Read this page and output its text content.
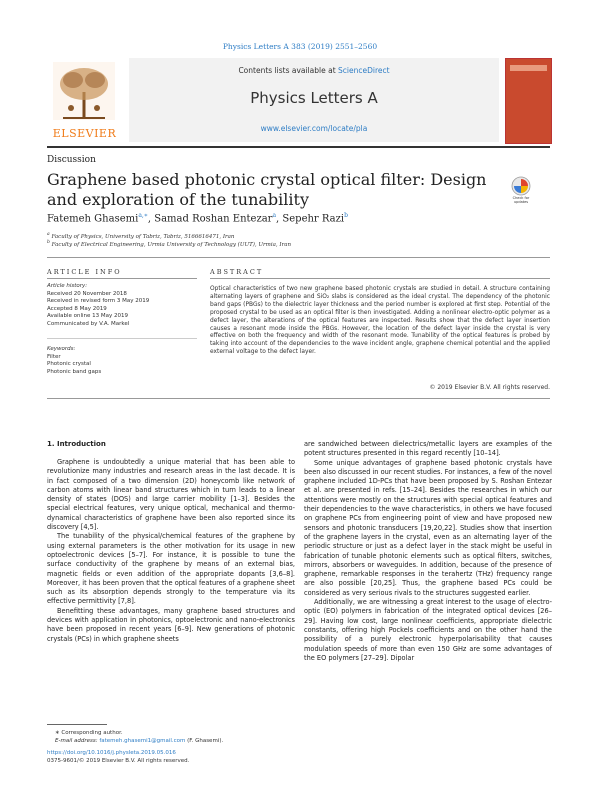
Physics Letters A 383 (2019) 2551–2560
ELSEVIER
Contents lists available at ScienceDirect
Physics Letters A
www.elsevier.com/locate/pla
Discussion
Graphene based photonic crystal optical filter: Design and exploration of the tunability	Check for updates
Fatemeh Ghasemi$^{a,∗}$, Samad Roshan Entezar$^a$, Sepehr Razi$^b$
$^a$ Faculty of Physics, University of Tabriz, Tabriz, 5166616471, Iran
$^b$ Faculty of Electrical Engineering, Urmia University of Technology (UUT), Urmia, Iran
ARTICLE INFO	ABSTRACT
Article history:
Received 20 November 2018
Received in revised form 3 May 2019
Accepted 8 May 2019
Available online 13 May 2019
Communicated by V.A. Markel
Keywords:
Filter
Photonic crystal
Photonic band gaps
Optical characteristics of two new graphene based photonic crystals are studied in detail. A structure containing alternating layers of graphene and SiO₂ slabs is considered as the ideal crystal. The dependency of the photonic band gaps (PBGs) to the dielectric layer thickness and the period number is explored at first step. Potential of the proposed crystal to be used as an optical filter is then investigated. Adding a nonlinear electro-optic polymer as a defect layer, the alterations of the optical features are inspected. Results show that the defect layer insertion causes a resonant mode inside the PBGs. However, the location of the defect layer inside the crystal is very effective on both the frequency and width of the resonant mode. Tunability of the optical features is probed by taking into account of the dependencies to the wave incident angle, graphene chemical potential and the applied external voltage to the defect layer.
© 2019 Elsevier B.V. All rights reserved.
1. Introduction

Graphene is undoubtedly a unique material that has been able to revolutionize many industries and research areas in the last decade. It is in fact composed of a two dimension (2D) honeycomb like network of carbon atoms with linear band structures which in turn leads to a linear density of states (DOS) and large carrier mobility [1–3]. Besides the special electrical features, very unique optical, mechanical and thermo-dynamical characteristics of graphene have been also reported since its discovery [4,5].

The tunability of the physical/chemical features of the graphene by using external parameters is the other motivation for its usage in new optoelectronic devices [5–7]. For instance, it is possible to tune the surface conductivity of the graphene by means of an external bias, magnetic fields or even addition of the appropriate dopants [3,6–8]. Moreover, it has been proven that the optical features of a graphene sheet such as its absorption depends strongly to the temperature via its effective permittivity [7,8].

Benefitting these advantages, many graphene based structures and devices with application in photonics, optoelectronic and nano-electronics have been proposed in recent years [6–9]. New generations of photonic crystals (PCs) in which graphene sheets

are sandwiched between dielectrics/metallic layers are examples of the potent structures presented in this regard recently [10–14].

Some unique advantages of graphene based photonic crystals have been also discussed in our recent studies. For instances, a few of the novel graphene included 1D-PCs that have been proposed by S. Roshan Entezar et al. are presented in refs. [15–24]. Besides the researches in which our attentions were mostly on the structures with special optical features and their dependencies to the wave characteristics, in others we have focused on graphene PCs from engineering point of view and have proposed new sensors and photonic transducers [19,20,22]. Studies show that insertion of the graphene layers in the crystal, even as an alternating layer of the periodic structure or just as a defect layer in the stack might be useful in fabrication of tunable photonic elements such as optical filters, switches, mirrors, absorbers or waveguides. In addition, because of the presence of graphene, remarkable responses in the terahertz (THz) frequency range are also possible [20,25]. Thus, the graphene based PCs could be considered as very serious rivals to the structures suggested earlier.

Additionally, we are witnessing a great interest to the usage of electro-optic (EO) polymers in fabrication of the integrated optical devices [26–29]. Having low cost, large nonlinear coefficients, appropriate dielectric constants, offering high Pockels coefficients and on the other hand the possibility of a purely electronic hyperpolarisability that causes modulation speeds of more than even 150 GHz are some advantages of the EO polymers [27–29]. Dipolar

∗ Corresponding author.
E-mail address: fatemeh.ghasemi1@gmail.com (F. Ghasemi).
https://doi.org/10.1016/j.physleta.2019.05.016
0375-9601/© 2019 Elsevier B.V. All rights reserved.
